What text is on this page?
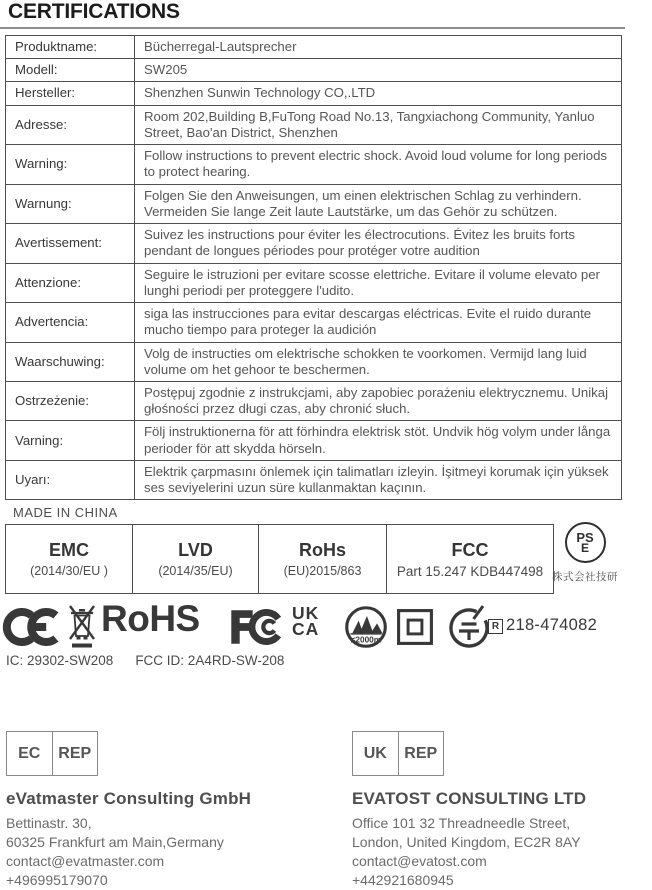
CERTIFICATIONS
Produktname:	Bücherregal-Lautsprecher
Modell:	SW205
Hersteller:	Shenzhen Sunwin Technology CO,.LTD
Adresse:	Room 202,Building B,FuTong Road No.13, Tangxiachong Community, Yanluo Street, Bao'an District, Shenzhen
Warning:	Follow instructions to prevent electric shock. Avoid loud volume for long periods to protect hearing.
Warnung:	Folgen Sie den Anweisungen, um einen elektrischen Schlag zu verhindern. Vermeiden Sie lange Zeit laute Lautstärke, um das Gehör zu schützen.
Avertissement:	Suivez les instructions pour éviter les électrocutions. Évitez les bruits forts pendant de longues périodes pour protéger votre audition
Attenzione:	Seguire le istruzioni per evitare scosse elettriche. Evitare il volume elevato per lunghi periodi per proteggere l'udito.
Advertencia:	siga las instrucciones para evitar descargas eléctricas. Evite el ruido durante mucho tiempo para proteger la audición
Waarschuwing:	Volg de instructies om elektrische schokken te voorkomen. Vermijd lang luid volume om het gehoor te beschermen.
Ostrzeżenie:	Postępuj zgodnie z instrukcjami, aby zapobiec porażeniu elektrycznemu. Unikaj głośności przez długi czas, aby chronić słuch.
Varning:	Följ instruktionerna för att förhindra elektrisk stöt. Undvik hög volym under långa perioder för att skydda hörseln.
Uyarı:	Elektrik çarpmasını önlemek için talimatları izleyin. İşitmeyi korumak için yüksek ses seviyelerini uzun süre kullanmaktan kaçının.
MADE IN CHINA
EMC
(2014/30/EU )

LVD
(2014/35/EU)

RoHs
(EU)2015/863

FCC
Part 15.247 KDB447498
PS
E
株式会社技研
RoHS	UK
CA
≤2000m
R 218-474082
IC: 29302-SW208 FCC ID: 2A4RD-SW-208
EC	REP
eVatmaster Consulting GmbH
Bettinastr. 30,
60325 Frankfurt am Main,Germany
contact@evatmaster.com
+496995179070
UK	REP
EVATOST CONSULTING LTD
Office 101 32 Threadneedle Street,
London, United Kingdom, EC2R 8AY
contact@evatost.com
+442921680945
